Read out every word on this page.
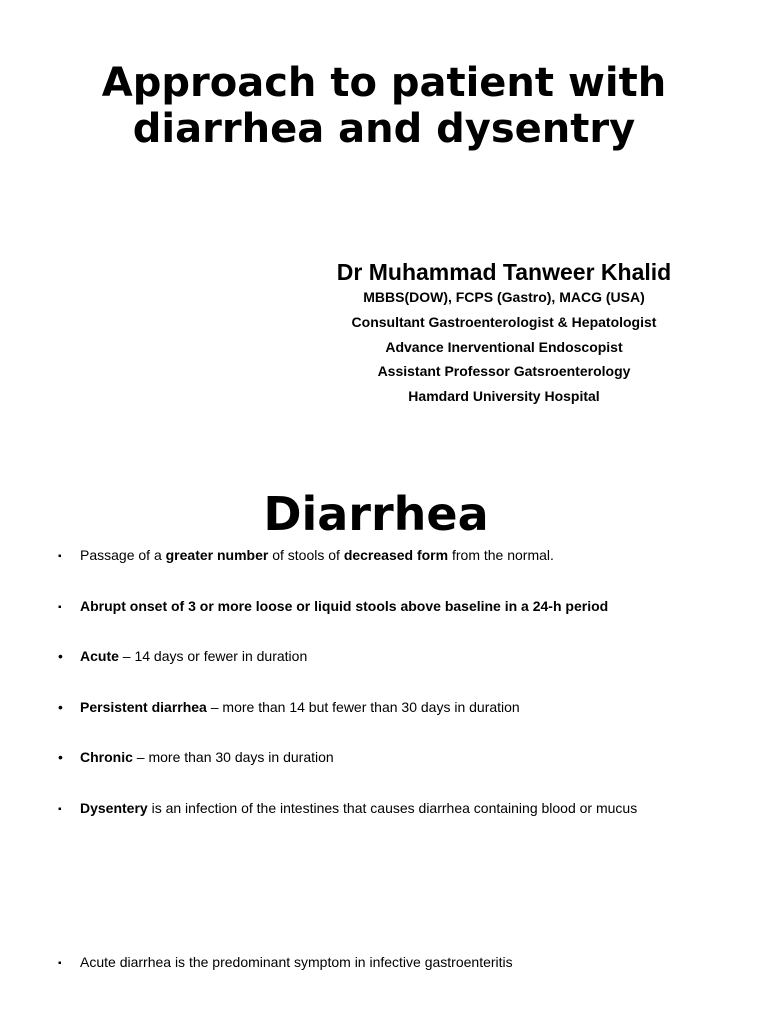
Approach to patient with
diarrhea and dysentry

Dr Muhammad Tanweer Khalid

MBBS(DOW), FCPS (Gastro), MACG (USA)

Consultant Gastroenterologist & Hepatologist

Advance Inerventional Endoscopist

Assistant Professor Gatsroenterology

Hamdard University Hospital

Diarrhea
▪ Passage of a greater number of stools of decreased form from the normal.
▪ Abrupt onset of 3 or more loose or liquid stools above baseline in a 24-h period
• Acute – 14 days or fewer in duration
• Persistent diarrhea – more than 14 but fewer than 30 days in duration
• Chronic – more than 30 days in duration
▪ Dysentery is an infection of the intestines that causes diarrhea containing blood or mucus
▪ Acute diarrhea is the predominant symptom in infective gastroenteritis
